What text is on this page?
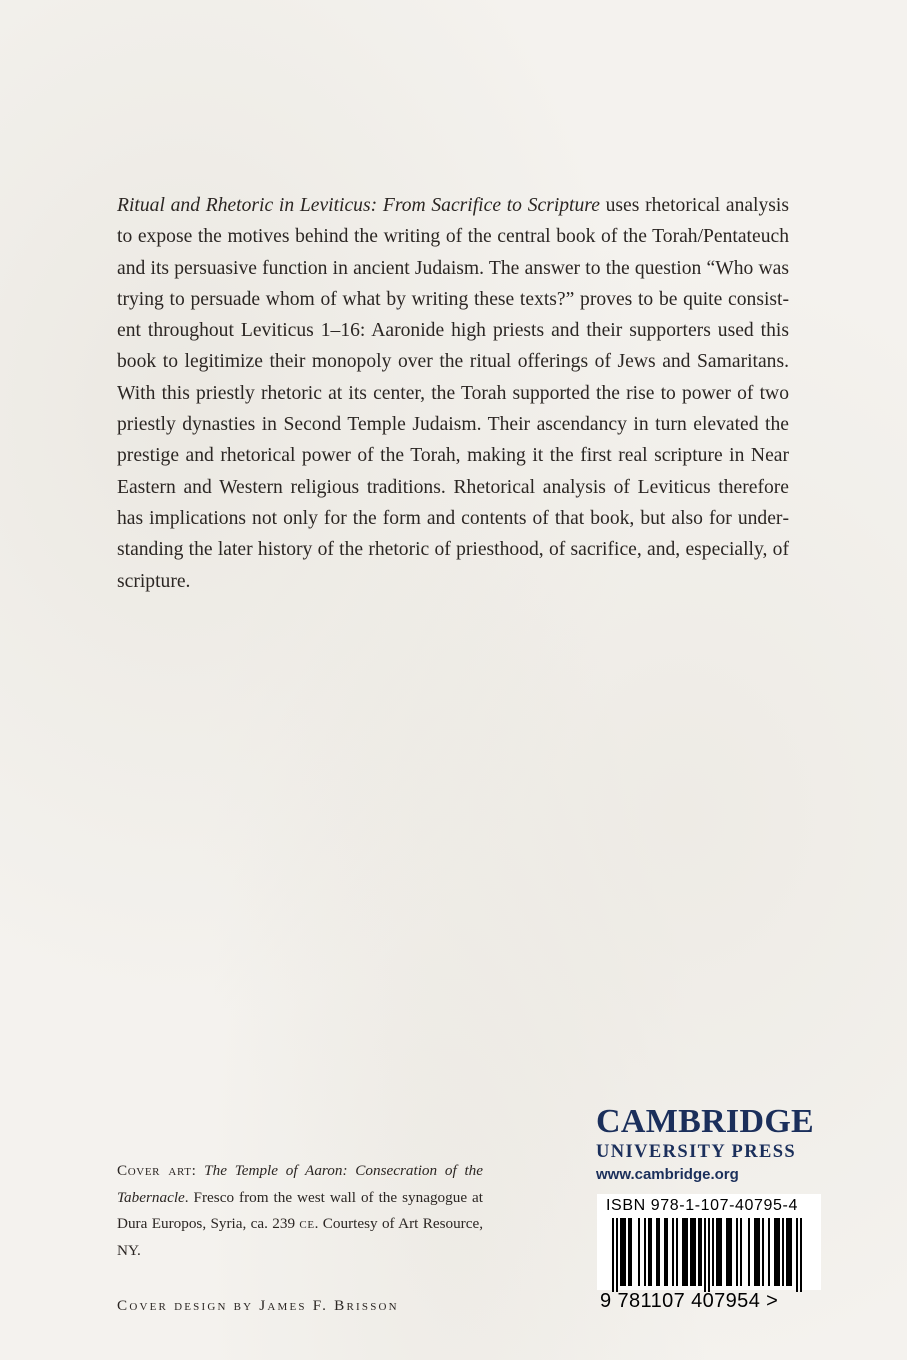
Ritual and Rhetoric in Leviticus: From Sacrifice to Scripture uses rhetorical analysis to expose the motives behind the writing of the central book of the Torah/Pentateuch and its persuasive function in ancient Judaism. The answer to the question “Who was trying to persuade whom of what by writing these texts?” proves to be quite consistent throughout Leviticus 1–16: Aaronide high priests and their supporters used this book to legitimize their monopoly over the ritual offerings of Jews and Samaritans. With this priestly rhetoric at its center, the Torah supported the rise to power of two priestly dynasties in Second Temple Judaism. Their ascendancy in turn elevated the prestige and rhetorical power of the Torah, making it the first real scripture in Near Eastern and Western religious traditions. Rhetorical analysis of Leviticus therefore has implications not only for the form and contents of that book, but also for understanding the later history of the rhetoric of priesthood, of sacrifice, and, especially, of scripture.
Cover art: The Temple of Aaron: Consecration of the Tabernacle. Fresco from the west wall of the synagogue at Dura Europos, Syria, ca. 239 ce. Courtesy of Art Resource, NY.
Cover design by James F. Brisson
CAMBRIDGE
UNIVERSITY PRESS
www.cambridge.org
ISBN 978-1-107-40795-4
9 781107 407954 >
